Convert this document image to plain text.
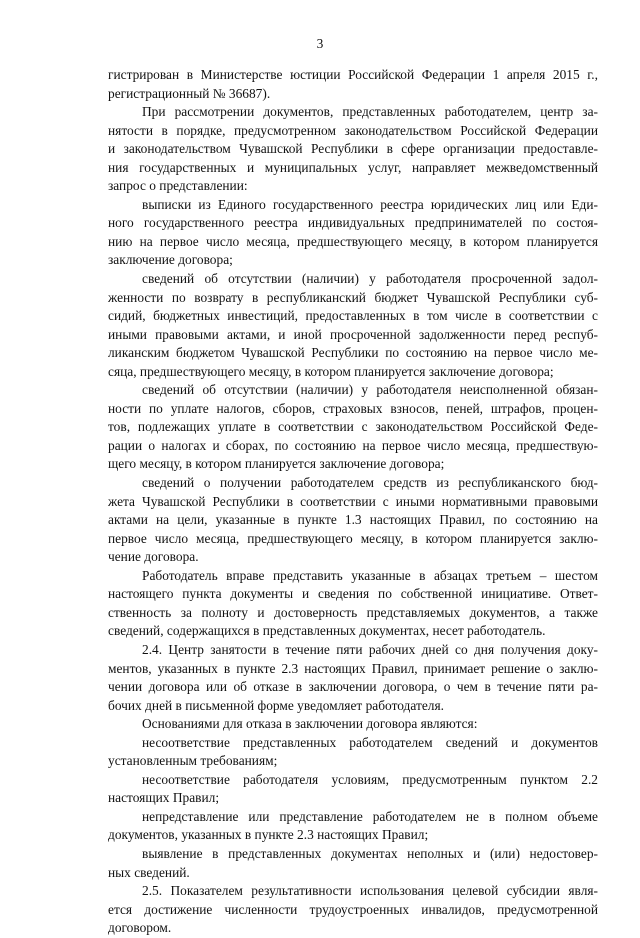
3
гистрирован в Министерстве юстиции Российской Федерации 1 апреля 2015 г.,
регистрационный № 36687).
При рассмотрении документов, представленных работодателем, центр за-
нятости в порядке, предусмотренном законодательством Российской Федерации
и законодательством Чувашской Республики в сфере организации предоставле-
ния государственных и муниципальных услуг, направляет межведомственный
запрос о представлении:
выписки из Единого государственного реестра юридических лиц или Еди-
ного государственного реестра индивидуальных предпринимателей по состоя-
нию на первое число месяца, предшествующего месяцу, в котором планируется
заключение договора;
сведений об отсутствии (наличии) у работодателя просроченной задол-
женности по возврату в республиканский бюджет Чувашской Республики суб-
сидий, бюджетных инвестиций, предоставленных в том числе в соответствии с
иными правовыми актами, и иной просроченной задолженности перед респуб-
ликанским бюджетом Чувашской Республики по состоянию на первое число ме-
сяца, предшествующего месяцу, в котором планируется заключение договора;
сведений об отсутствии (наличии) у работодателя неисполненной обязан-
ности по уплате налогов, сборов, страховых взносов, пеней, штрафов, процен-
тов, подлежащих уплате в соответствии с законодательством Российской Феде-
рации о налогах и сборах, по состоянию на первое число месяца, предшествую-
щего месяцу, в котором планируется заключение договора;
сведений о получении работодателем средств из республиканского бюд-
жета Чувашской Республики в соответствии с иными нормативными правовыми
актами на цели, указанные в пункте 1.3 настоящих Правил, по состоянию на
первое число месяца, предшествующего месяцу, в котором планируется заклю-
чение договора.
Работодатель вправе представить указанные в абзацах третьем – шестом
настоящего пункта документы и сведения по собственной инициативе. Ответ-
ственность за полноту и достоверность представляемых документов, а также
сведений, содержащихся в представленных документах, несет работодатель.
2.4. Центр занятости в течение пяти рабочих дней со дня получения доку-
ментов, указанных в пункте 2.3 настоящих Правил, принимает решение о заклю-
чении договора или об отказе в заключении договора, о чем в течение пяти ра-
бочих дней в письменной форме уведомляет работодателя.
Основаниями для отказа в заключении договора являются:
несоответствие представленных работодателем сведений и документов
установленным требованиям;
несоответствие работодателя условиям, предусмотренным пунктом 2.2
настоящих Правил;
непредставление или представление работодателем не в полном объеме
документов, указанных в пункте 2.3 настоящих Правил;
выявление в представленных документах неполных и (или) недостовер-
ных сведений.
2.5. Показателем результативности использования целевой субсидии явля-
ется достижение численности трудоустроенных инвалидов, предусмотренной
договором.
